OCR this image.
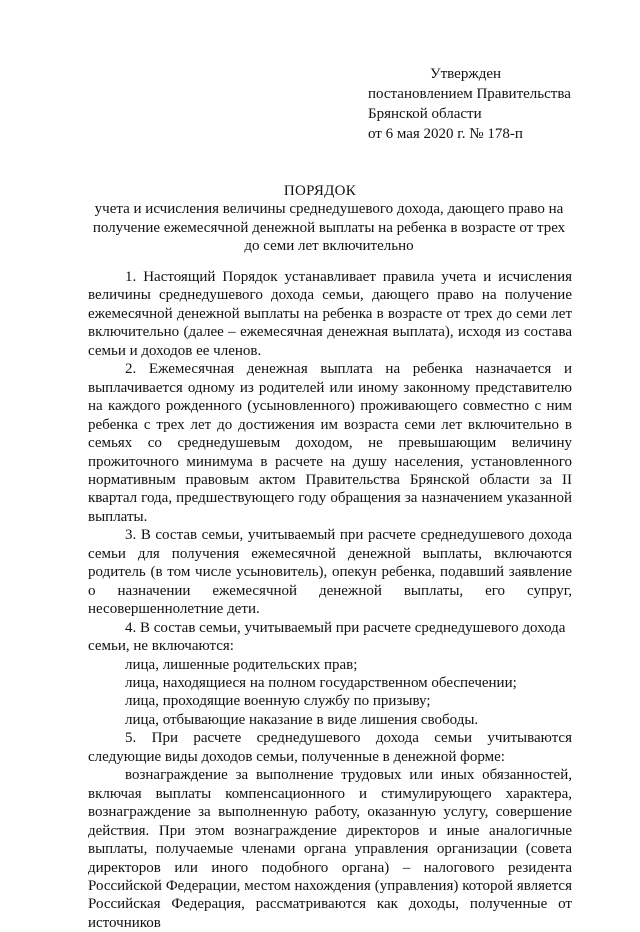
Утвержден
постановлением Правительства
Брянской области
от 6 мая 2020 г. № 178-п
ПОРЯДОК
учета и исчисления величины среднедушевого дохода, дающего право на получение ежемесячной денежной выплаты на ребенка в возрасте от трех до семи лет включительно

1. Настоящий Порядок устанавливает правила учета и исчисления величины среднедушевого дохода семьи, дающего право на получение ежемесячной денежной выплаты на ребенка в возрасте от трех до семи лет включительно (далее – ежемесячная денежная выплата), исходя из состава семьи и доходов ее членов.

2. Ежемесячная денежная выплата на ребенка назначается и выплачивается одному из родителей или иному законному представителю на каждого рожденного (усыновленного) проживающего совместно с ним ребенка с трех лет до достижения им возраста семи лет включительно в семьях со среднедушевым доходом, не превышающим величину прожиточного минимума в расчете на душу населения, установленного нормативным правовым актом Правительства Брянской области за II квартал года, предшествующего году обращения за назначением указанной выплаты.

3. В состав семьи, учитываемый при расчете среднедушевого дохода семьи для получения ежемесячной денежной выплаты, включаются родитель (в том числе усыновитель), опекун ребенка, подавший заявление о назначении ежемесячной денежной выплаты, его супруг, несовершеннолетние дети.

4. В состав семьи, учитываемый при расчете среднедушевого дохода семьи, не включаются:

лица, лишенные родительских прав;

лица, находящиеся на полном государственном обеспечении;

лица, проходящие военную службу по призыву;

лица, отбывающие наказание в виде лишения свободы.

5. При расчете среднедушевого дохода семьи учитываются следующие виды доходов семьи, полученные в денежной форме:

вознаграждение за выполнение трудовых или иных обязанностей, включая выплаты компенсационного и стимулирующего характера, вознаграждение за выполненную работу, оказанную услугу, совершение действия. При этом вознаграждение директоров и иные аналогичные выплаты, получаемые членами органа управления организации (совета директоров или иного подобного органа) – налогового резидента Российской Федерации, местом нахождения (управления) которой является Российская Федерация, рассматриваются как доходы, полученные от источников
